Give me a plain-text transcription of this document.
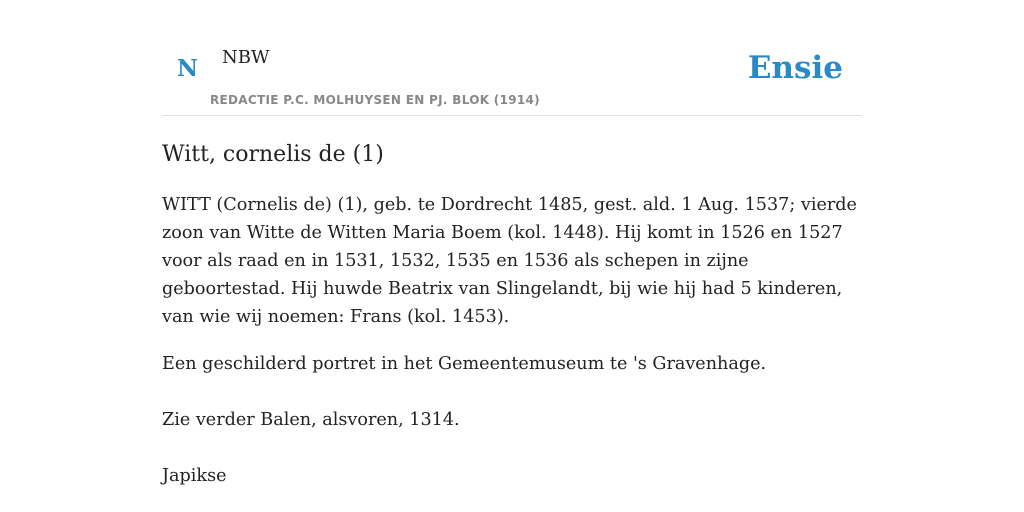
N NBW
REDACTIE P.C. MOLHUYSEN EN PJ. BLOK (1914)
Ensie
Witt, cornelis de (1)

WITT (Cornelis de) (1), geb. te Dordrecht 1485, gest. ald. 1 Aug. 1537; vierde zoon van Witte de Witten Maria Boem (kol. 1448). Hij komt in 1526 en 1527 voor als raad en in 1531, 1532, 1535 en 1536 als schepen in zijne geboortestad. Hij huwde Beatrix van Slingelandt, bij wie hij had 5 kinderen, van wie wij noemen: Frans (kol. 1453).

Een geschilderd portret in het Gemeentemuseum te 's Gravenhage.

Zie verder Balen, alsvoren, 1314.

Japikse
